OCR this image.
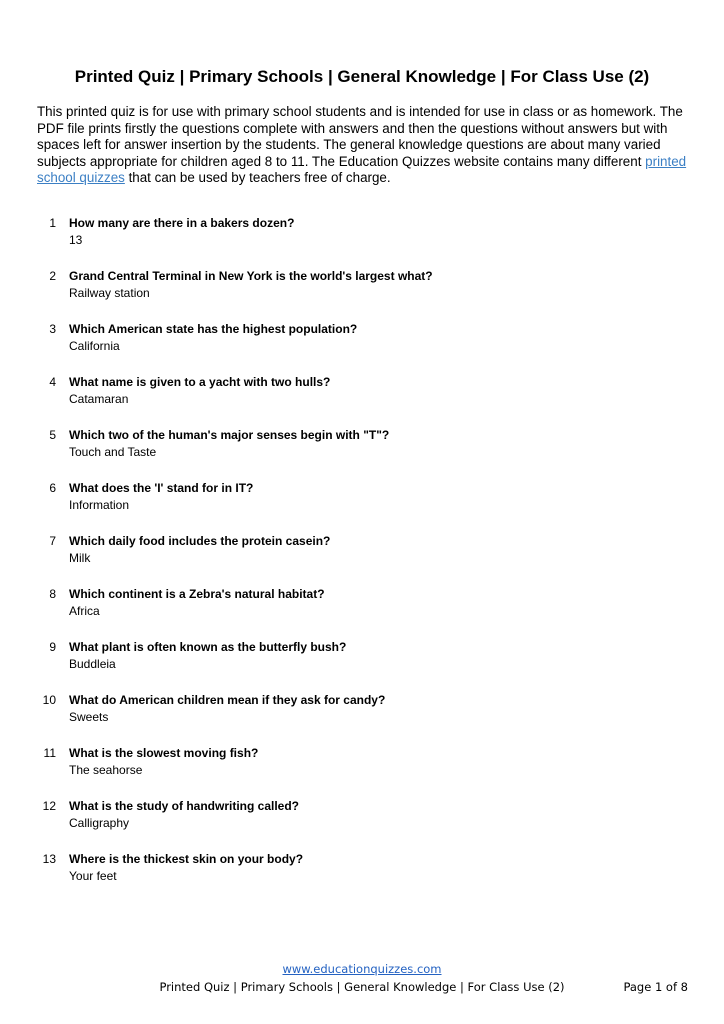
Printed Quiz | Primary Schools | General Knowledge | For Class Use (2)
This printed quiz is for use with primary school students and is intended for use in class or as homework. The PDF file prints firstly the questions complete with answers and then the questions without answers but with spaces left for answer insertion by the students. The general knowledge questions are about many varied subjects appropriate for children aged 8 to 11. The Education Quizzes website contains many different printed school quizzes that can be used by teachers free of charge.
1 How many are there in a bakers dozen?
13
2 Grand Central Terminal in New York is the world's largest what?
Railway station
3 Which American state has the highest population?
California
4 What name is given to a yacht with two hulls?
Catamaran
5 Which two of the human's major senses begin with "T"?
Touch and Taste
6 What does the 'I' stand for in IT?
Information
7 Which daily food includes the protein casein?
Milk
8 Which continent is a Zebra's natural habitat?
Africa
9 What plant is often known as the butterfly bush?
Buddleia
10 What do American children mean if they ask for candy?
Sweets
11 What is the slowest moving fish?
The seahorse
12 What is the study of handwriting called?
Calligraphy
13 Where is the thickest skin on your body?
Your feet
www.educationquizzes.com
Printed Quiz | Primary Schools | General Knowledge | For Class Use (2)	Page 1 of 8
